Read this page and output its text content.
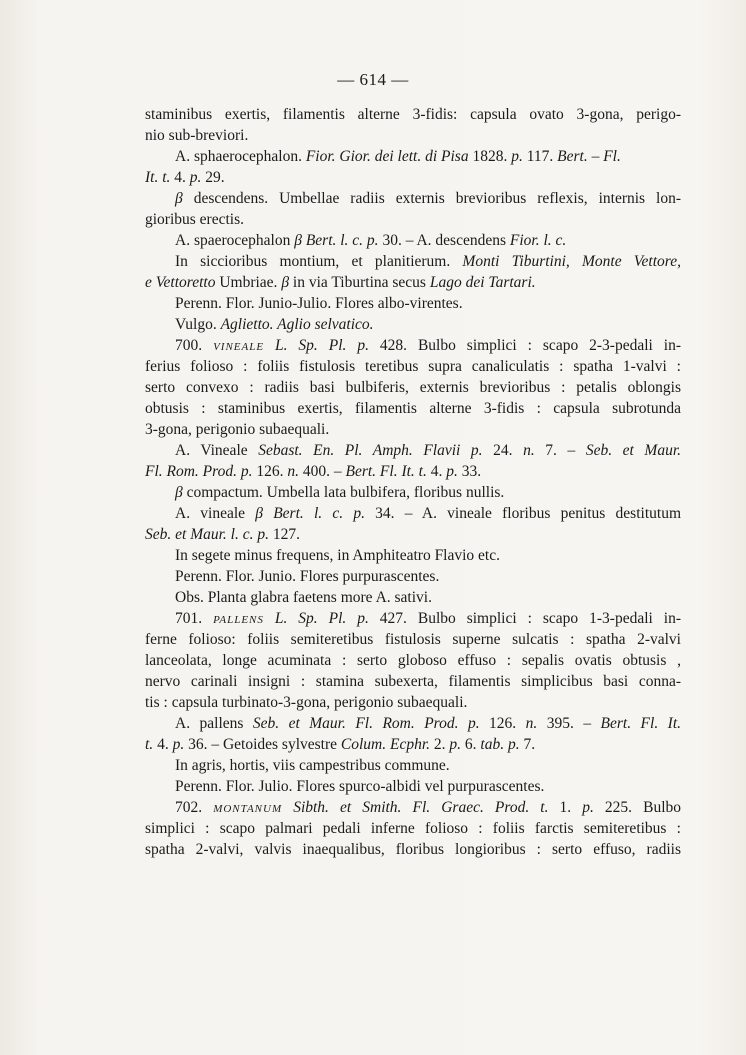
— 614 —
staminibus exertis, filamentis alterne 3-fidis: capsula ovato 3-gona, perigo-
nio sub-breviori.
A. sphaerocephalon. Fior. Gior. dei lett. di Pisa 1828. p. 117. Bert. – Fl.
It. t. 4. p. 29.
β descendens. Umbellae radiis externis brevioribus reflexis, internis lon-
gioribus erectis.
A. spaerocephalon β Bert. l. c. p. 30. – A. descendens Fior. l. c.
In siccioribus montium, et planitierum. Monti Tiburtini, Monte Vettore,
e Vettoretto Umbriae. β in via Tiburtina secus Lago dei Tartari.
Perenn. Flor. Junio-Julio. Flores albo-virentes.
Vulgo. Aglietto. Aglio selvatico.
700. VINEALE L. Sp. Pl. p. 428. Bulbo simplici : scapo 2-3-pedali in-
ferius folioso : foliis fistulosis teretibus supra canaliculatis : spatha 1-valvi :
serto convexo : radiis basi bulbiferis, externis brevioribus : petalis oblongis
obtusis : staminibus exertis, filamentis alterne 3-fidis : capsula subrotunda
3-gona, perigonio subaequali.
A. Vineale Sebast. En. Pl. Amph. Flavii p. 24. n. 7. – Seb. et Maur.
Fl. Rom. Prod. p. 126. n. 400. – Bert. Fl. It. t. 4. p. 33.
β compactum. Umbella lata bulbifera, floribus nullis.
A. vineale β Bert. l. c. p. 34. – A. vineale floribus penitus destitutum
Seb. et Maur. l. c. p. 127.
In segete minus frequens, in Amphiteatro Flavio etc.
Perenn. Flor. Junio. Flores purpurascentes.
Obs. Planta glabra faetens more A. sativi.
701. PALLENS L. Sp. Pl. p. 427. Bulbo simplici : scapo 1-3-pedali in-
ferne folioso: foliis semiteretibus fistulosis superne sulcatis : spatha 2-valvi
lanceolata, longe acuminata : serto globoso effuso : sepalis ovatis obtusis ,
nervo carinali insigni : stamina subexerta, filamentis simplicibus basi conna-
tis : capsula turbinato-3-gona, perigonio subaequali.
A. pallens Seb. et Maur. Fl. Rom. Prod. p. 126. n. 395. – Bert. Fl. It.
t. 4. p. 36. – Getoides sylvestre Colum. Ecphr. 2. p. 6. tab. p. 7.
In agris, hortis, viis campestribus commune.
Perenn. Flor. Julio. Flores spurco-albidi vel purpurascentes.
702. MONTANUM Sibth. et Smith. Fl. Graec. Prod. t. 1. p. 225. Bulbo
simplici : scapo palmari pedali inferne folioso : foliis farctis semiteretibus :
spatha 2-valvi, valvis inaequalibus, floribus longioribus : serto effuso, radiis
